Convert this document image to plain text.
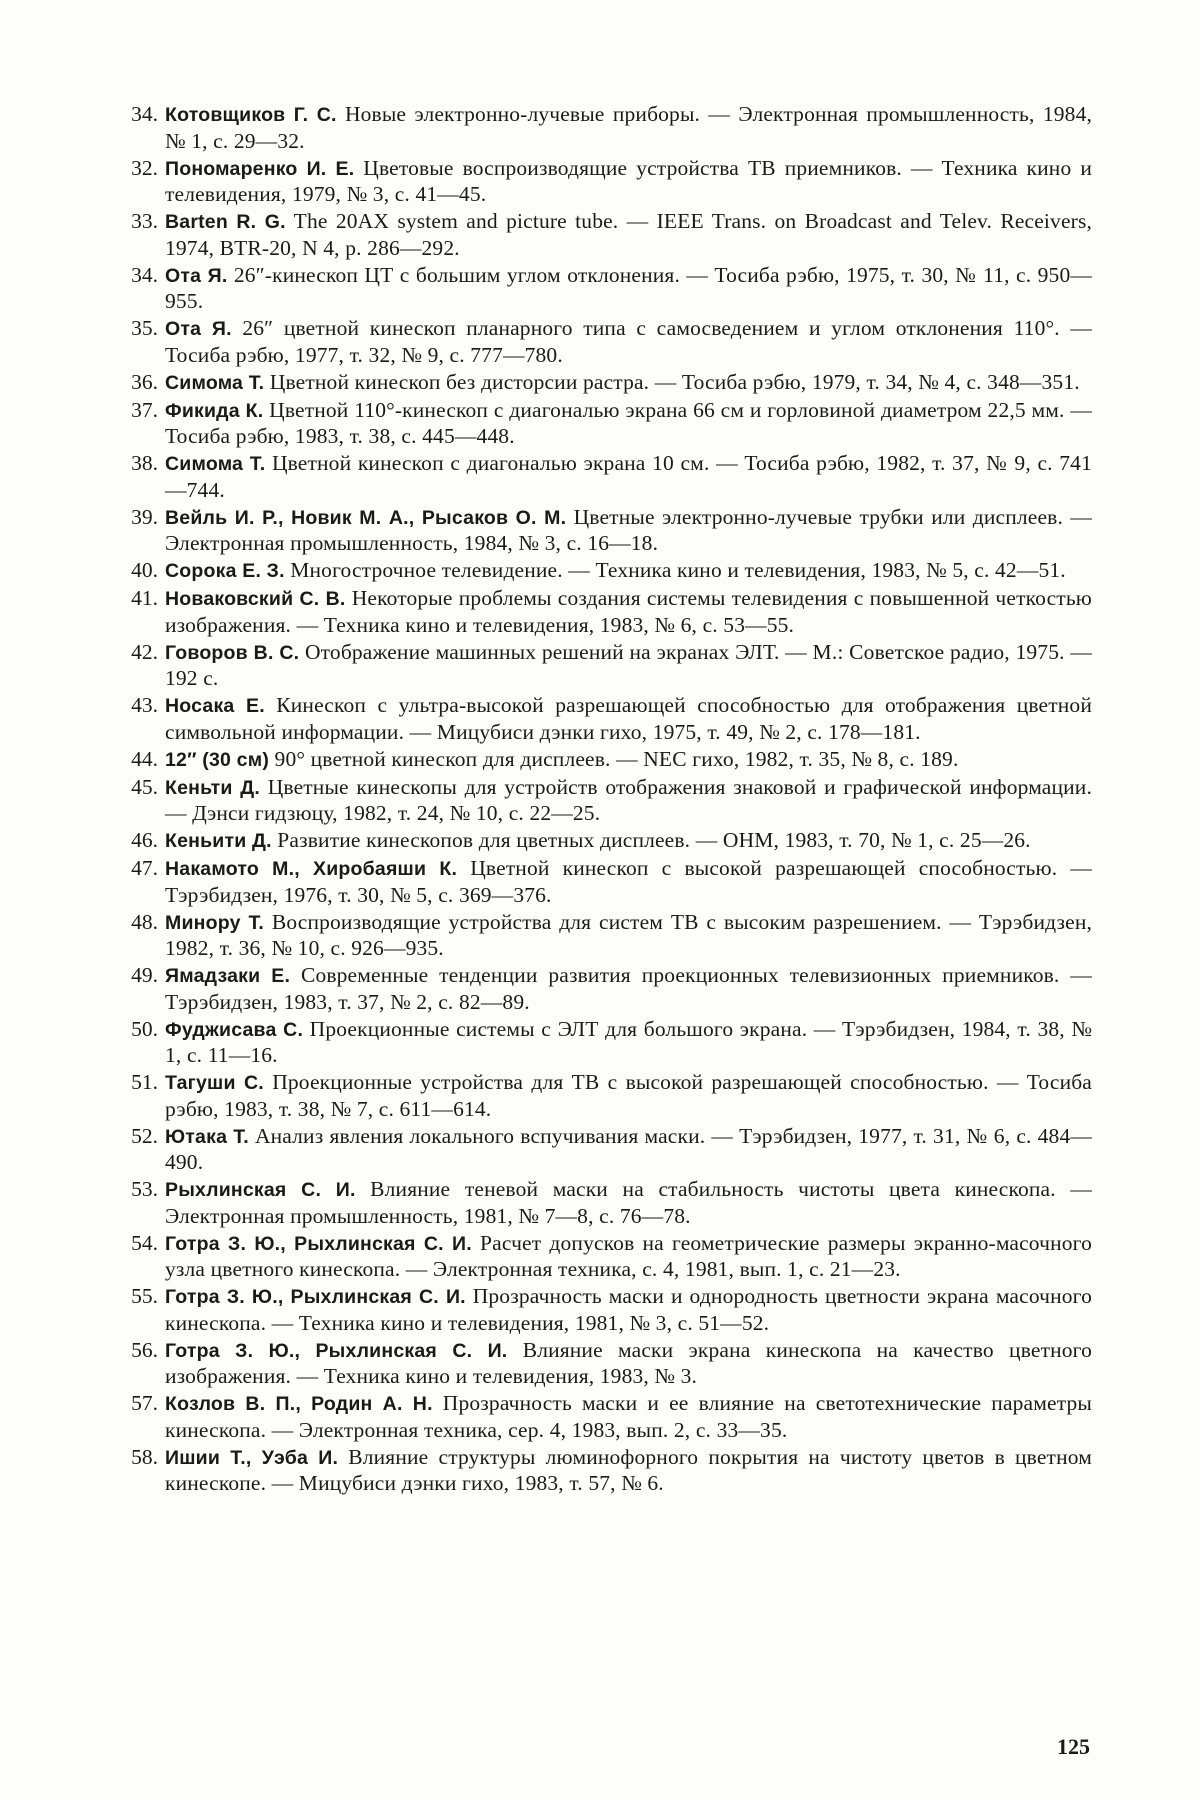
34. Котовщиков Г. С. Новые электронно-лучевые приборы. — Электронная промышленность, 1984, № 1, с. 29—32.
32. Пономаренко И. Е. Цветовые воспроизводящие устройства ТВ приемников. — Техника кино и телевидения, 1979, № 3, с. 41—45.
33. Barten R. G. The 20AX system and picture tube. — IEEE Trans. on Broadcast and Telev. Receivers, 1974, BTR-20, N 4, p. 286—292.
34. Ота Я. 26″-кинескоп ЦТ с большим углом отклонения. — Тосиба рэбю, 1975, т. 30, № 11, с. 950—955.
35. Ота Я. 26″ цветной кинескоп планарного типа с самосведением и углом отклонения 110°. — Тосиба рэбю, 1977, т. 32, № 9, с. 777—780.
36. Симома Т. Цветной кинескоп без дисторсии растра. — Тосиба рэбю, 1979, т. 34, № 4, с. 348—351.
37. Фикида К. Цветной 110°-кинескоп с диагональю экрана 66 см и горловиной диаметром 22,5 мм. — Тосиба рэбю, 1983, т. 38, с. 445—448.
38. Симома Т. Цветной кинескоп с диагональю экрана 10 см. — Тосиба рэбю, 1982, т. 37, № 9, с. 741—744.
39. Вейль И. Р., Новик М. А., Рысаков О. М. Цветные электронно-лучевые трубки или дисплеев. — Электронная промышленность, 1984, № 3, с. 16—18.
40. Сорока Е. З. Многострочное телевидение. — Техника кино и телевидения, 1983, № 5, с. 42—51.
41. Новаковский С. В. Некоторые проблемы создания системы телевидения с повышенной четкостью изображения. — Техника кино и телевидения, 1983, № 6, с. 53—55.
42. Говоров В. С. Отображение машинных решений на экранах ЭЛТ. — М.: Советское радио, 1975. — 192 с.
43. Носака Е. Кинескоп с ультра-высокой разрешающей способностью для отображения цветной символьной информации. — Мицубиси дэнки гихо, 1975, т. 49, № 2, с. 178—181.
44. 12″ (30 см) 90° цветной кинескоп для дисплеев. — NEC гихо, 1982, т. 35, № 8, с. 189.
45. Кеньти Д. Цветные кинескопы для устройств отображения знаковой и графической информации. — Дэнси гидзюцу, 1982, т. 24, № 10, с. 22—25.
46. Кеньити Д. Развитие кинескопов для цветных дисплеев. — OHM, 1983, т. 70, № 1, с. 25—26.
47. Накамото М., Хиробаяши К. Цветной кинескоп с высокой разрешающей способностью. — Тэрэбидзен, 1976, т. 30, № 5, с. 369—376.
48. Минору Т. Воспроизводящие устройства для систем ТВ с высоким разрешением. — Тэрэбидзен, 1982, т. 36, № 10, с. 926—935.
49. Ямадзаки Е. Современные тенденции развития проекционных телевизионных приемников. — Тэрэбидзен, 1983, т. 37, № 2, с. 82—89.
50. Фуджисава С. Проекционные системы с ЭЛТ для большого экрана. — Тэрэбидзен, 1984, т. 38, № 1, с. 11—16.
51. Тагуши С. Проекционные устройства для ТВ с высокой разрешающей способностью. — Тосиба рэбю, 1983, т. 38, № 7, с. 611—614.
52. Ютака Т. Анализ явления локального вспучивания маски. — Тэрэбидзен, 1977, т. 31, № 6, с. 484—490.
53. Рыхлинская С. И. Влияние теневой маски на стабильность чистоты цвета кинескопа. — Электронная промышленность, 1981, № 7—8, с. 76—78.
54. Готра З. Ю., Рыхлинская С. И. Расчет допусков на геометрические размеры экранно-масочного узла цветного кинескопа. — Электронная техника, с. 4, 1981, вып. 1, с. 21—23.
55. Готра З. Ю., Рыхлинская С. И. Прозрачность маски и однородность цветности экрана масочного кинескопа. — Техника кино и телевидения, 1981, № 3, с. 51—52.
56. Готра З. Ю., Рыхлинская С. И. Влияние маски экрана кинескопа на качество цветного изображения. — Техника кино и телевидения, 1983, № 3.
57. Козлов В. П., Родин А. Н. Прозрачность маски и ее влияние на светотехнические параметры кинескопа. — Электронная техника, сер. 4, 1983, вып. 2, с. 33—35.
58. Ишии Т., Уэба И. Влияние структуры люминофорного покрытия на чистоту цветов в цветном кинескопе. — Мицубиси дэнки гихо, 1983, т. 57, № 6.
125
